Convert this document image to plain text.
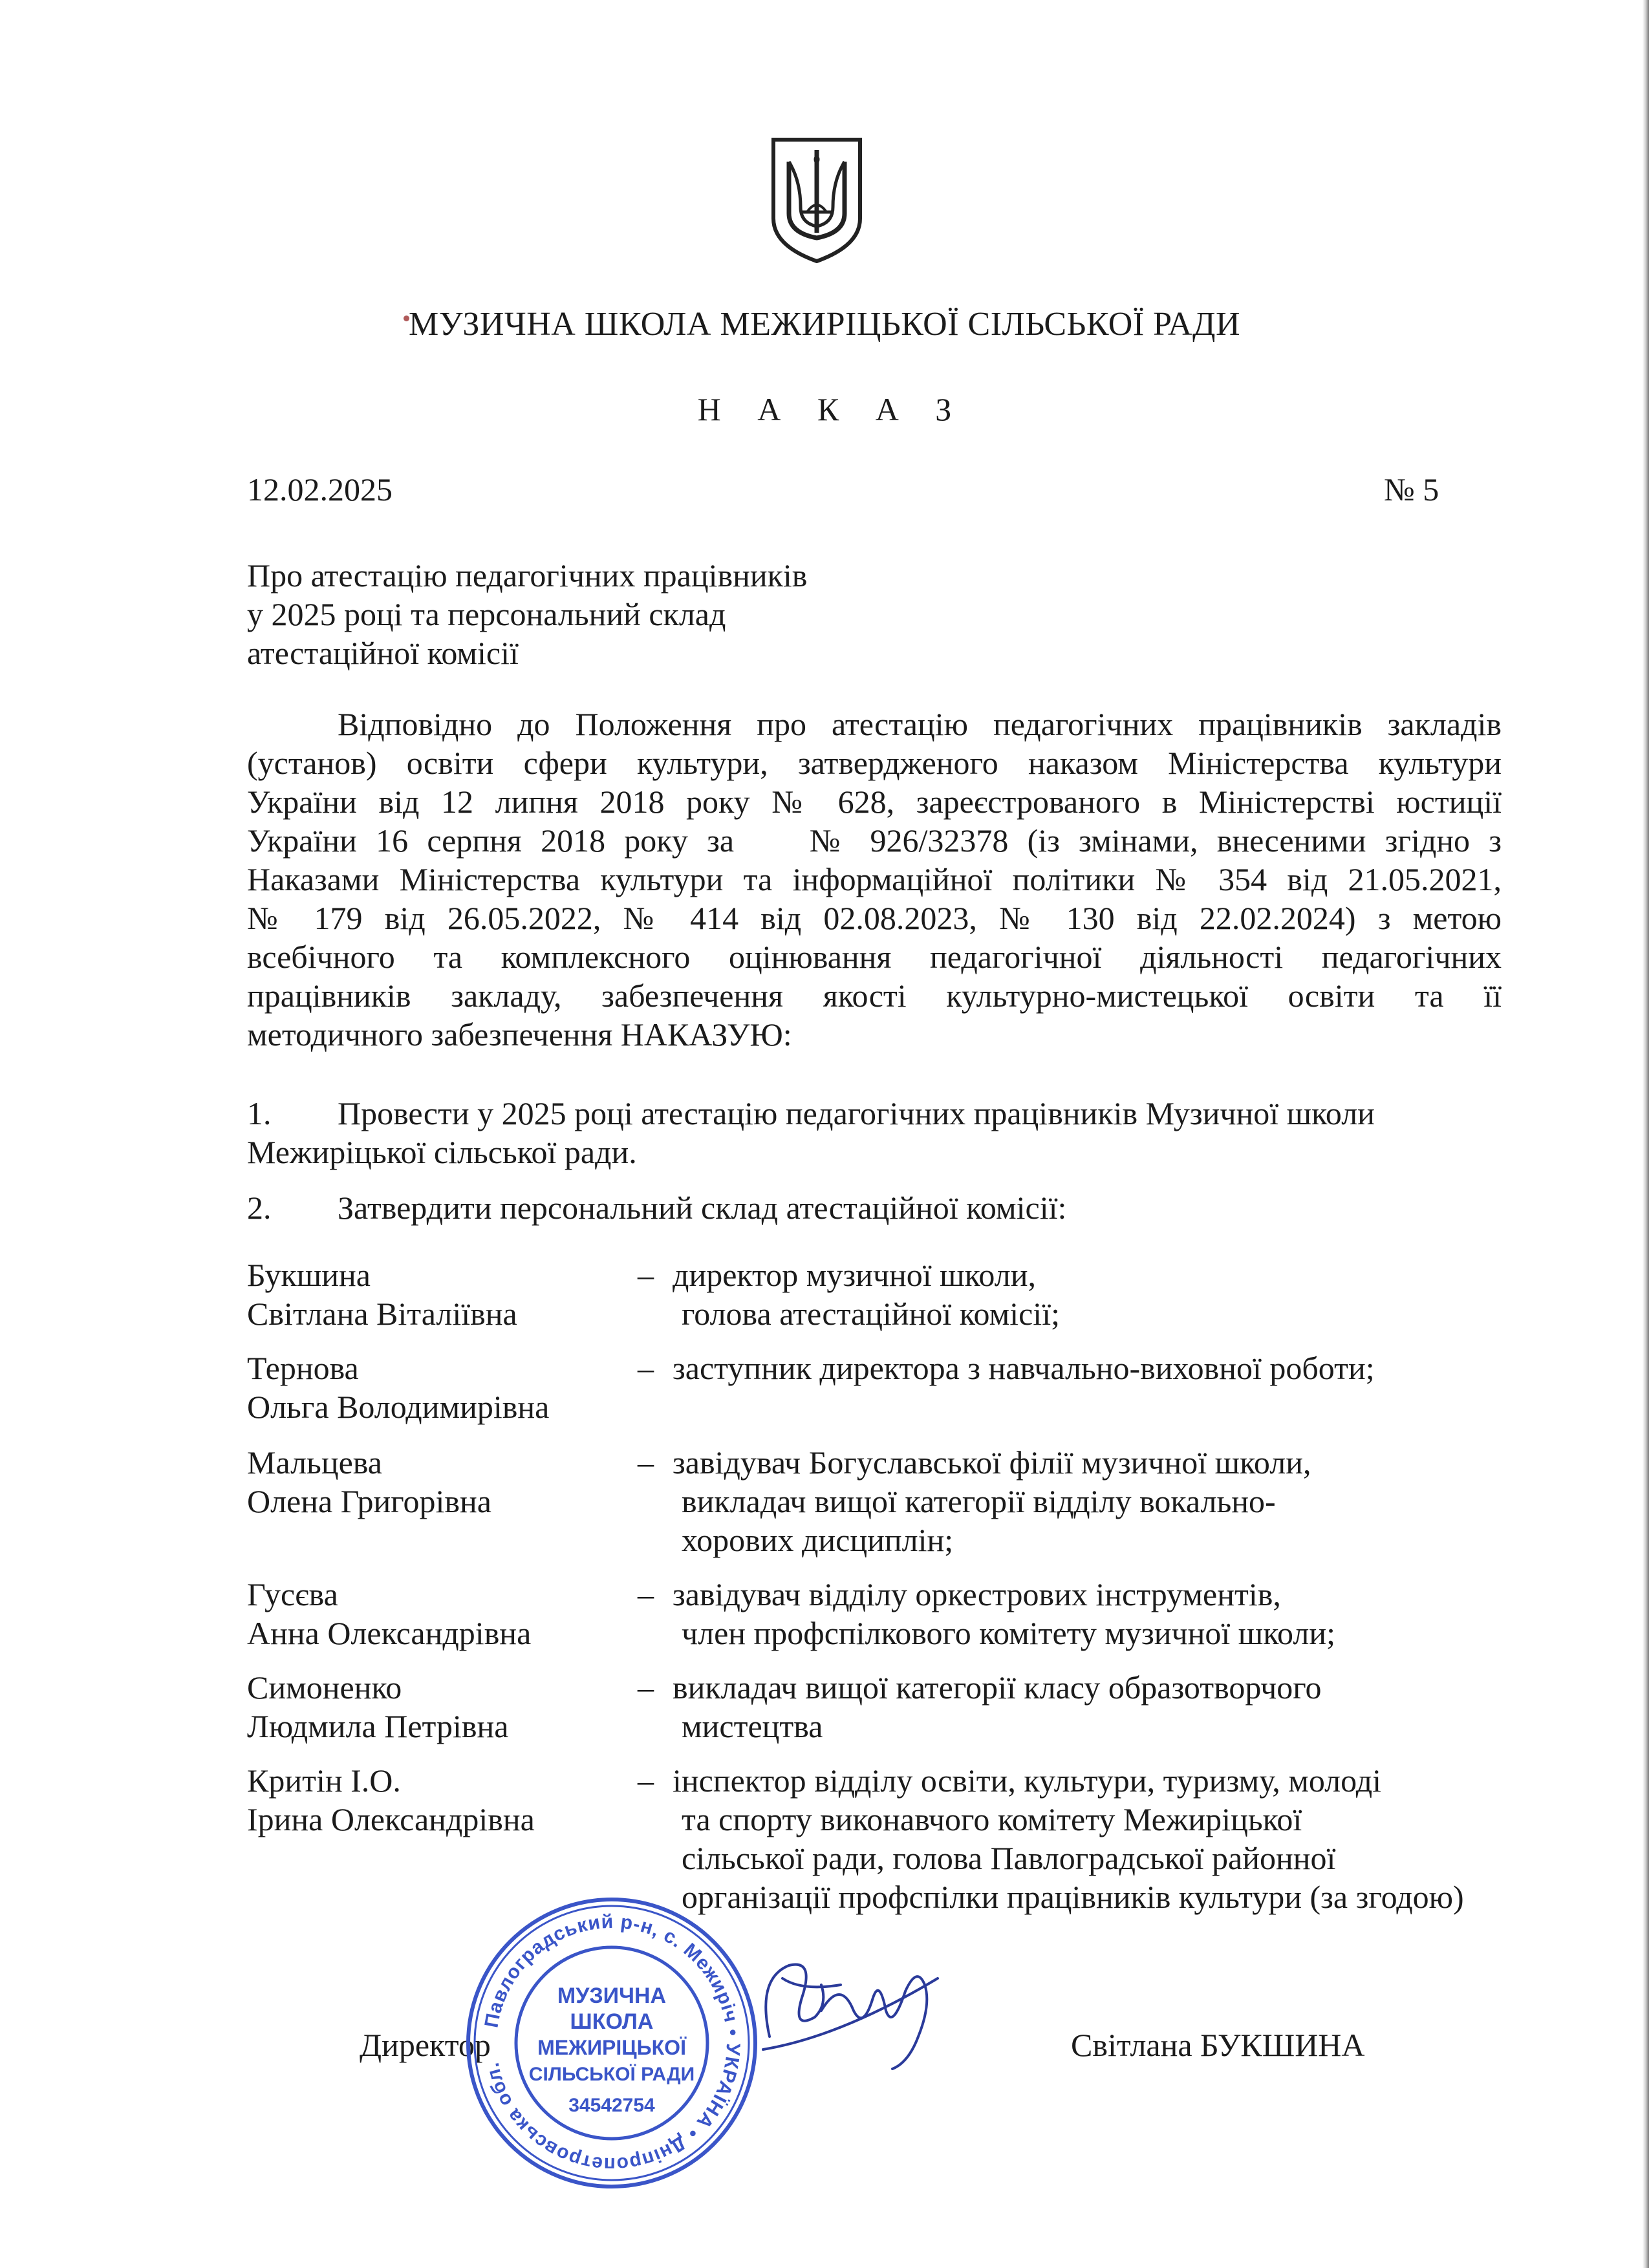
МУЗИЧНА ШКОЛА МЕЖИРІЦЬКОЇ СІЛЬСЬКОЇ РАДИ
Н А К А З
12.02.2025	№ 5
Про атестацію педагогічних працівників
у 2025 році та персональний склад
атестаційної комісії
Відповідно до Положення про атестацію педагогічних працівників закладів
(установ) освіти сфери культури, затвердженого наказом Міністерства культури
України від 12 липня 2018 року № 628, зареєстрованого в Міністерстві юстиції
України 16 серпня 2018 року за № 926/32378 (із змінами, внесеними згідно з
Наказами Міністерства культури та інформаційної політики № 354 від 21.05.2021,
№ 179 від 26.05.2022, № 414 від 02.08.2023, № 130 від 22.02.2024) з метою
всебічного та комплексного оцінювання педагогічної діяльності педагогічних
працівників закладу, забезпечення якості культурно-мистецької освіти та її
методичного забезпечення НАКАЗУЮ:
1. Провести у 2025 році атестацію педагогічних працівників Музичної школи
Межиріцької сільської ради.
2. Затвердити персональний склад атестаційної комісії:
Букшина
Світлана Віталіївна
– директор музичної школи,
голова атестаційної комісії;
Тернова
Ольга Володимирівна
– заступник директора з навчально-виховної роботи;
Мальцева
Олена Григорівна
– завідувач Богуславської філії музичної школи,
викладач вищої категорії відділу вокально-
хорових дисциплін;
Гусєва
Анна Олександрівна
– завідувач відділу оркестрових інструментів,
член профспілкового комітету музичної школи;
Симоненко
Людмила Петрівна
– викладач вищої категорії класу образотворчого
мистецтва
Критін І.О.
Ірина Олександрівна
– інспектор відділу освіти, культури, туризму, молоді
та спорту виконавчого комітету Межиріцької
сільської ради, голова Павлоградської районної
організації профспілки працівників культури (за згодою)
Директор	Світлана БУКШИНА
Павлоградський р-н, с. Межиріч • УКРАЇНА • Дніпропетровська обл.
МУЗИЧНА
ШКОЛА
МЕЖИРІЦЬКОЇ
СІЛЬСЬКОЇ РАДИ
34542754
